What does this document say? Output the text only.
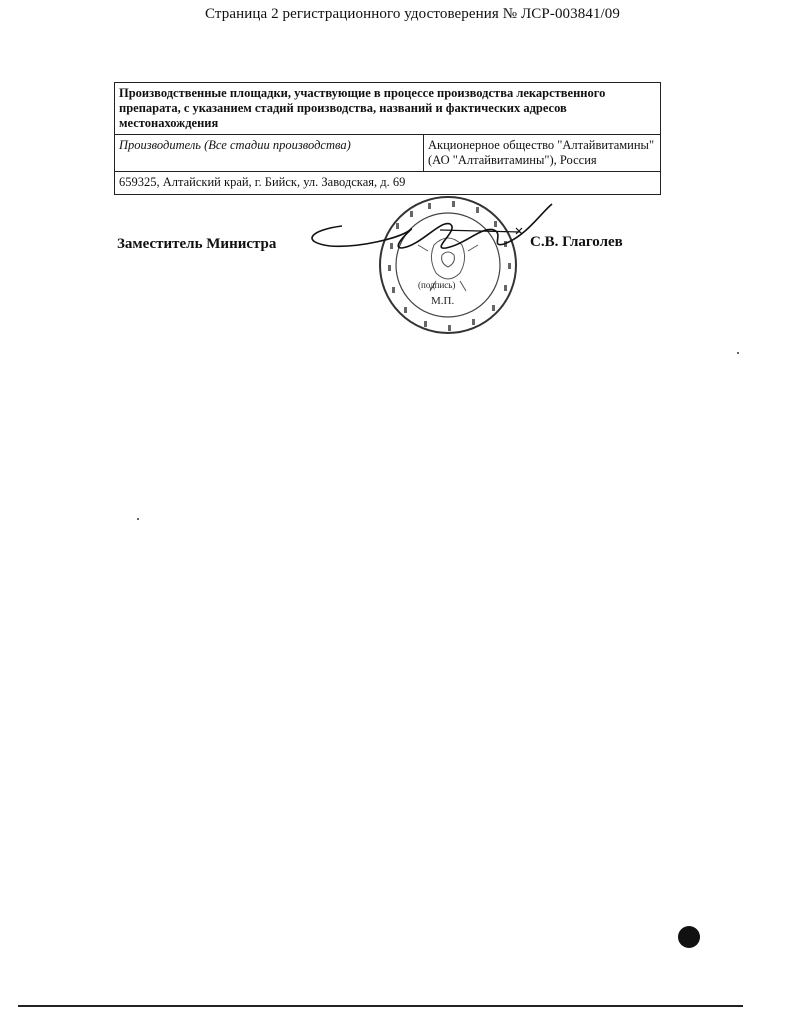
Страница 2 регистрационного удостоверения № ЛСР-003841/09
Производственные площадки, участвующие в процессе производства лекарственного препарата, с указанием стадий производства, названий и фактических адресов местонахождения
Производитель (Все стадии производства)	Акционерное общество "Алтайвитамины"
(АО "Алтайвитамины"), Россия

659325, Алтайский край, г. Бийск, ул. Заводская, д. 69
Заместитель Министра	С.В. Глаголев
(подпись)
М.П.
